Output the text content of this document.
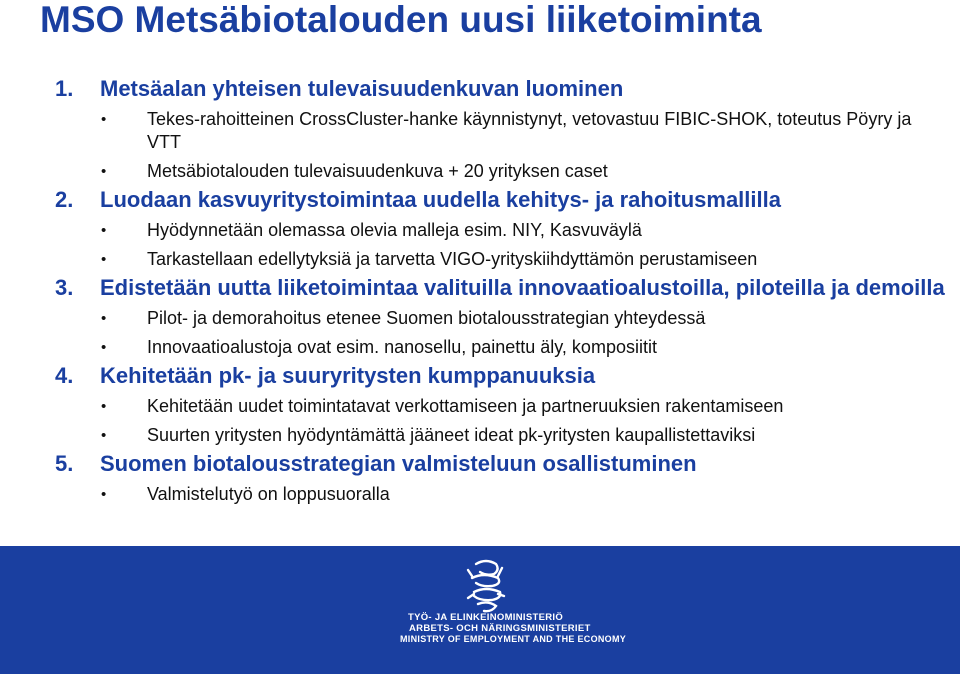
MSO Metsäbiotalouden uusi liiketoiminta
1. Metsäalan yhteisen tulevaisuudenkuvan luominen
• Tekes-rahoitteinen CrossCluster-hanke käynnistynyt, vetovastuu FIBIC-SHOK, toteutus Pöyry ja VTT
• Metsäbiotalouden tulevaisuudenkuva + 20 yrityksen caset
2. Luodaan kasvuyritystoimintaa uudella kehitys- ja rahoitusmallilla
• Hyödynnetään olemassa olevia malleja esim. NIY, Kasvuväylä
• Tarkastellaan edellytyksiä ja tarvetta VIGO-yrityskiihdyttämön perustamiseen
3. Edistetään uutta liiketoimintaa valituilla innovaatioalustoilla, piloteilla ja demoilla
• Pilot- ja demorahoitus etenee Suomen biotalousstrategian yhteydessä
• Innovaatioalustoja ovat esim. nanosellu, painettu äly, komposiitit
4. Kehitetään pk- ja suuryritysten kumppanuuksia
• Kehitetään uudet toimintatavat verkottamiseen ja partneruuksien rakentamiseen
• Suurten yritysten hyödyntämättä jääneet ideat pk-yritysten kaupallistettaviksi
5. Suomen biotalousstrategian valmisteluun osallistuminen
• Valmistelutyö on loppusuoralla
TYÖ- JA ELINKEINOMINISTERIÖ
ARBETS- OCH NÄRINGSMINISTERIET
MINISTRY OF EMPLOYMENT AND THE ECONOMY
